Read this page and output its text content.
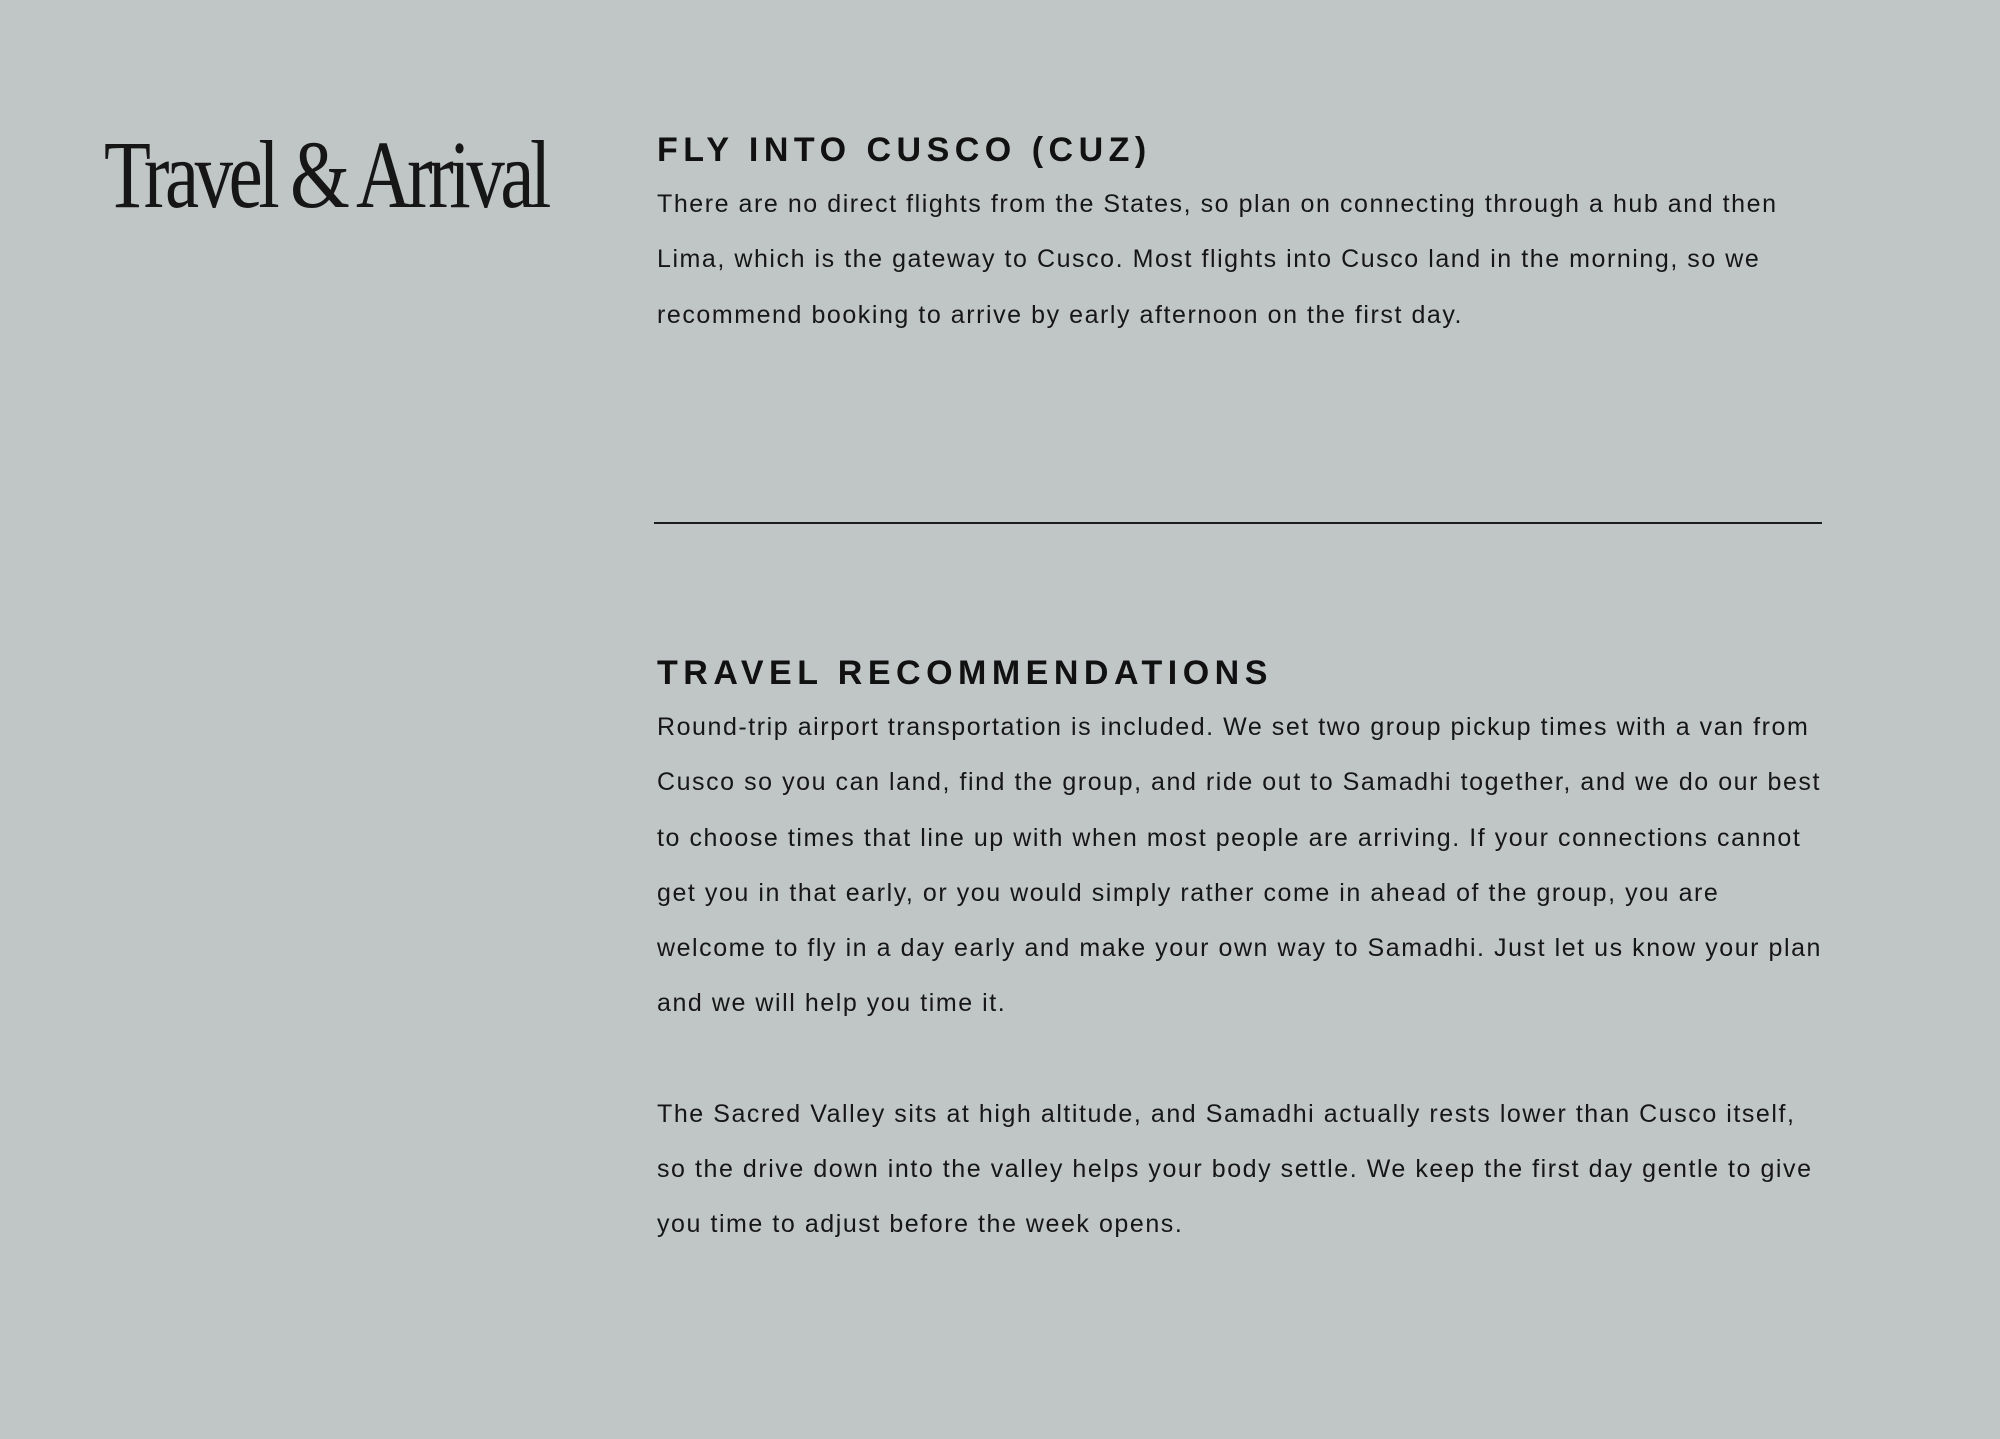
Travel & Arrival	FLY INTO CUSCO (CUZ)

There are no direct flights from the States, so plan on connecting through a hub and then Lima, which is the gateway to Cusco. Most flights into Cusco land in the morning, so we recommend booking to arrive by early afternoon on the first day.

TRAVEL RECOMMENDATIONS

Round-trip airport transportation is included. We set two group pickup times with a van from Cusco so you can land, find the group, and ride out to Samadhi together, and we do our best to choose times that line up with when most people are arriving. If your connections cannot get you in that early, or you would simply rather come in ahead of the group, you are welcome to fly in a day early and make your own way to Samadhi. Just let us know your plan and we will help you time it.

The Sacred Valley sits at high altitude, and Samadhi actually rests lower than Cusco itself, so the drive down into the valley helps your body settle. We keep the first day gentle to give you time to adjust before the week opens.
